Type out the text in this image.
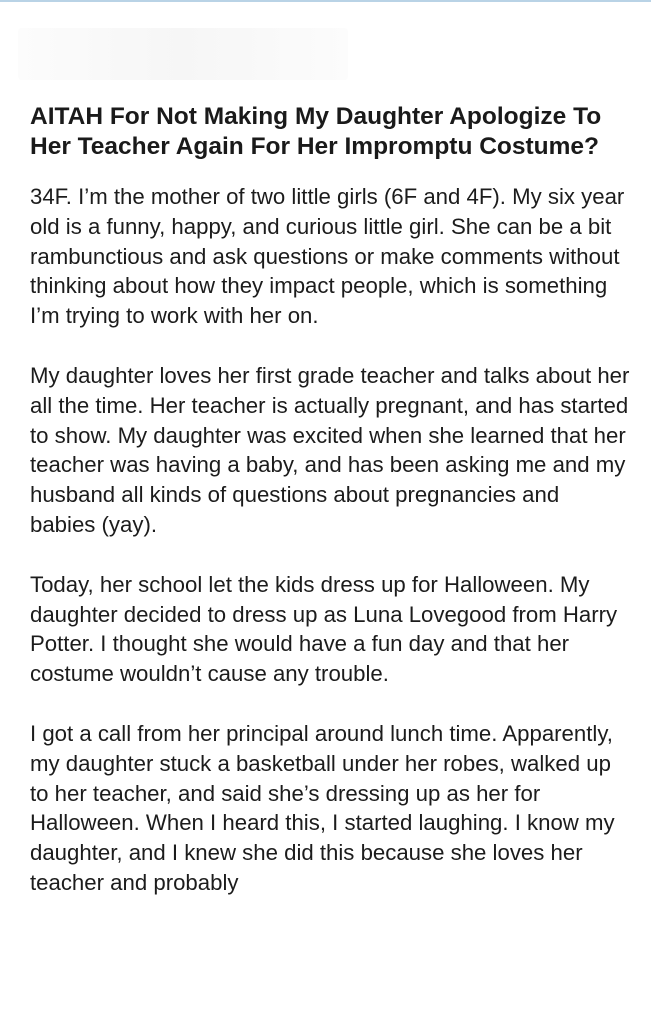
AITAH For Not Making My Daughter Apologize To Her Teacher Again For Her Impromptu Costume?

34F. I’m the mother of two little girls (6F and 4F). My six year old is a funny, happy, and curious little girl. She can be a bit rambunctious and ask questions or make comments without thinking about how they impact people, which is something I’m trying to work with her on.

My daughter loves her first grade teacher and talks about her all the time. Her teacher is actually pregnant, and has started to show. My daughter was excited when she learned that her teacher was having a baby, and has been asking me and my husband all kinds of questions about pregnancies and babies (yay).

Today, her school let the kids dress up for Halloween. My daughter decided to dress up as Luna Lovegood from Harry Potter. I thought she would have a fun day and that her costume wouldn’t cause any trouble.

I got a call from her principal around lunch time. Apparently, my daughter stuck a basketball under her robes, walked up to her teacher, and said she’s dressing up as her for Halloween. When I heard this, I started laughing. I know my daughter, and I knew she did this because she loves her teacher and probably
